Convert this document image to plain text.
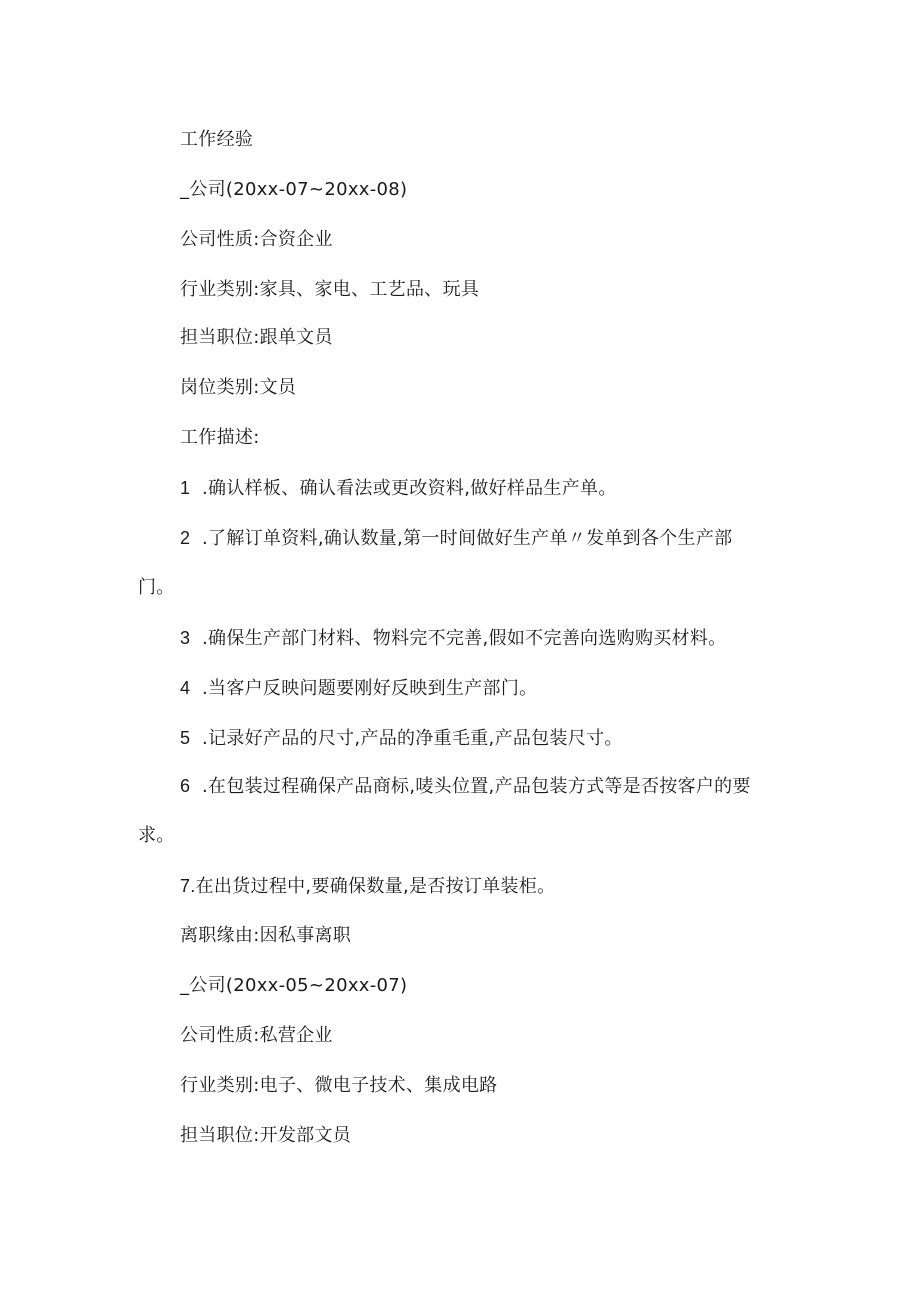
工作经验
_公司(20xx-07~20xx-08)
公司性质:合资企业
行业类别:家具、家电、工艺品、玩具
担当职位:跟单文员
岗位类别:文员
工作描述:
1 .确认样板、确认看法或更改资料,做好样品生产单。
2 .了解订单资料,确认数量,第一时间做好生产单〃发单到各个生产部
门。
3 .确保生产部门材料、物料完不完善,假如不完善向选购购买材料。
4 .当客户反映问题要刚好反映到生产部门。
5 .记录好产品的尺寸,产品的净重毛重,产品包装尺寸。
6 .在包装过程确保产品商标,唛头位置,产品包装方式等是否按客户的要
求。
7.在出货过程中,要确保数量,是否按订单装柜。
离职缘由:因私事离职
_公司(20xx-05~20xx-07)
公司性质:私营企业
行业类别:电子、微电子技术、集成电路
担当职位:开发部文员
